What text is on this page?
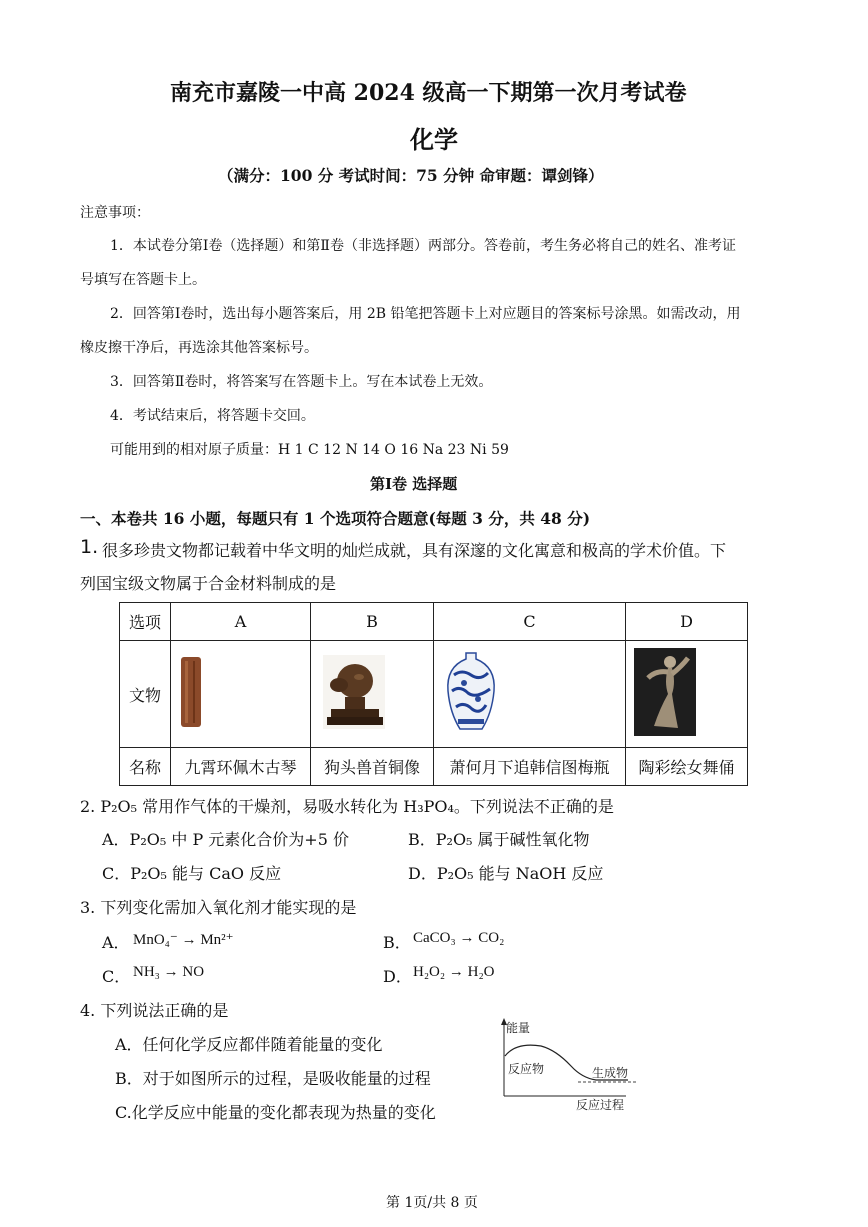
南充市嘉陵一中高 2024 级高一下期第一次月考试卷
化学
（满分：100 分 考试时间：75 分钟 命审题：谭剑锋）
注意事项：
1．本试卷分第Ⅰ卷（选择题）和第Ⅱ卷（非选择题）两部分。答卷前，考生务必将自己的姓名、准考证
号填写在答题卡上。
2．回答第Ⅰ卷时，选出每小题答案后，用 2B 铅笔把答题卡上对应题目的答案标号涂黑。如需改动，用
橡皮擦干净后，再选涂其他答案标号。
3．回答第Ⅱ卷时，将答案写在答题卡上。写在本试卷上无效。
4．考试结束后，将答题卡交回。
可能用到的相对原子质量：H 1 C 12 N 14 O 16 Na 23 Ni 59
第Ⅰ卷 选择题
一、本卷共 16 小题，每题只有 1 个选项符合题意(每题 3 分，共 48 分)
1. 很多珍贵文物都记载着中华文明的灿烂成就，具有深邃的文化寓意和极高的学术价值。下
列国宝级文物属于合金材料制成的是
选项	A	B	C	D
文物				
名称	九霄环佩木古琴	狗头兽首铜像	萧何月下追韩信图梅瓶	陶彩绘女舞俑
2. P₂O₅ 常用作气体的干燥剂，易吸水转化为 H₃PO₄。下列说法不正确的是
A．P₂O₅ 中 P 元素化合价为+5 价	B．P₂O₅ 属于碱性氧化物
C．P₂O₅ 能与 CaO 反应	D．P₂O₅ 能与 NaOH 反应
3. 下列变化需加入氧化剂才能实现的是
A． MnO₄⁻ → Mn²⁺	B． CaCO₃ → CO₂
C． NH₃ → NO	D． H₂O₂ → H₂O
4. 下列说法正确的是
A．任何化学反应都伴随着能量的变化
B．对于如图所示的过程，是吸收能量的过程
C.化学反应中能量的变化都表现为热量的变化
能量
反应物	生成物
反应过程
第 1页/共 8 页
